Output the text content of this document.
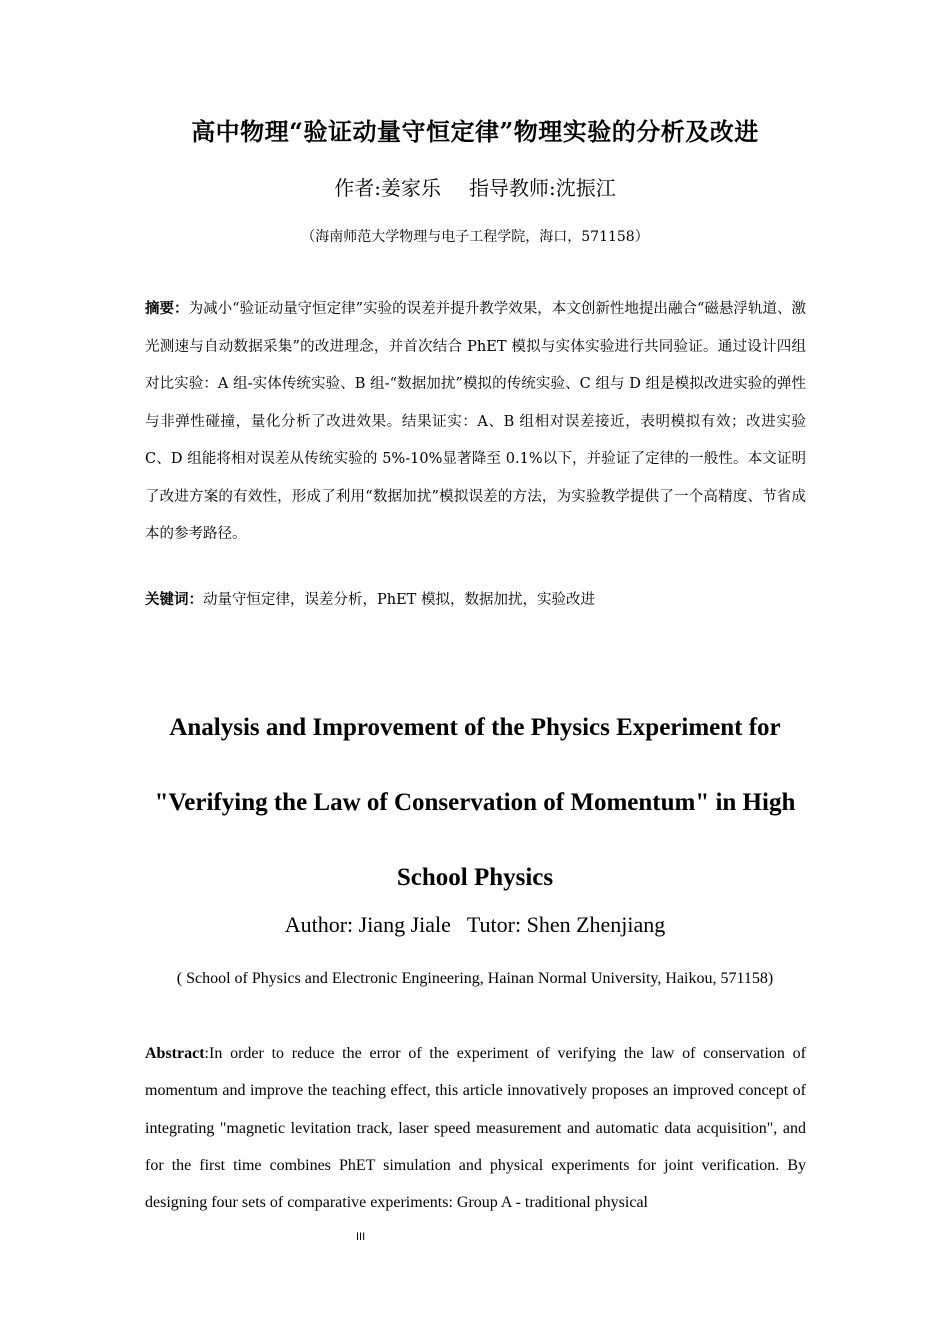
高中物理“验证动量守恒定律”物理实验的分析及改进
作者:姜家乐 指导教师:沈振江
（海南师范大学物理与电子工程学院，海口，571158）
摘要：为减小“验证动量守恒定律”实验的误差并提升教学效果，本文创新性地提出融合“磁悬浮轨道、激光测速与自动数据采集”的改进理念，并首次结合 PhET 模拟与实体实验进行共同验证。通过设计四组对比实验：A 组-实体传统实验、B 组-“数据加扰”模拟的传统实验、C 组与 D 组是模拟改进实验的弹性与非弹性碰撞，量化分析了改进效果。结果证实：A、B 组相对误差接近，表明模拟有效；改进实验 C、D 组能将相对误差从传统实验的 5%-10%显著降至 0.1%以下，并验证了定律的一般性。本文证明了改进方案的有效性，形成了利用“数据加扰”模拟误差的方法，为实验教学提供了一个高精度、节省成本的参考路径。
关键词：动量守恒定律，误差分析，PhET 模拟，数据加扰，实验改进
Analysis and Improvement of the Physics Experiment for "Verifying the Law of Conservation of Momentum" in High School Physics
Author: Jiang Jiale Tutor: Shen Zhenjiang
( School of Physics and Electronic Engineering, Hainan Normal University, Haikou, 571158)
Abstract:In order to reduce the error of the experiment of verifying the law of conservation of momentum and improve the teaching effect, this article innovatively proposes an improved concept of integrating "magnetic levitation track, laser speed measurement and automatic data acquisition", and for the first time combines PhET simulation and physical experiments for joint verification. By designing four sets of comparative experiments: Group A - traditional physical
III
